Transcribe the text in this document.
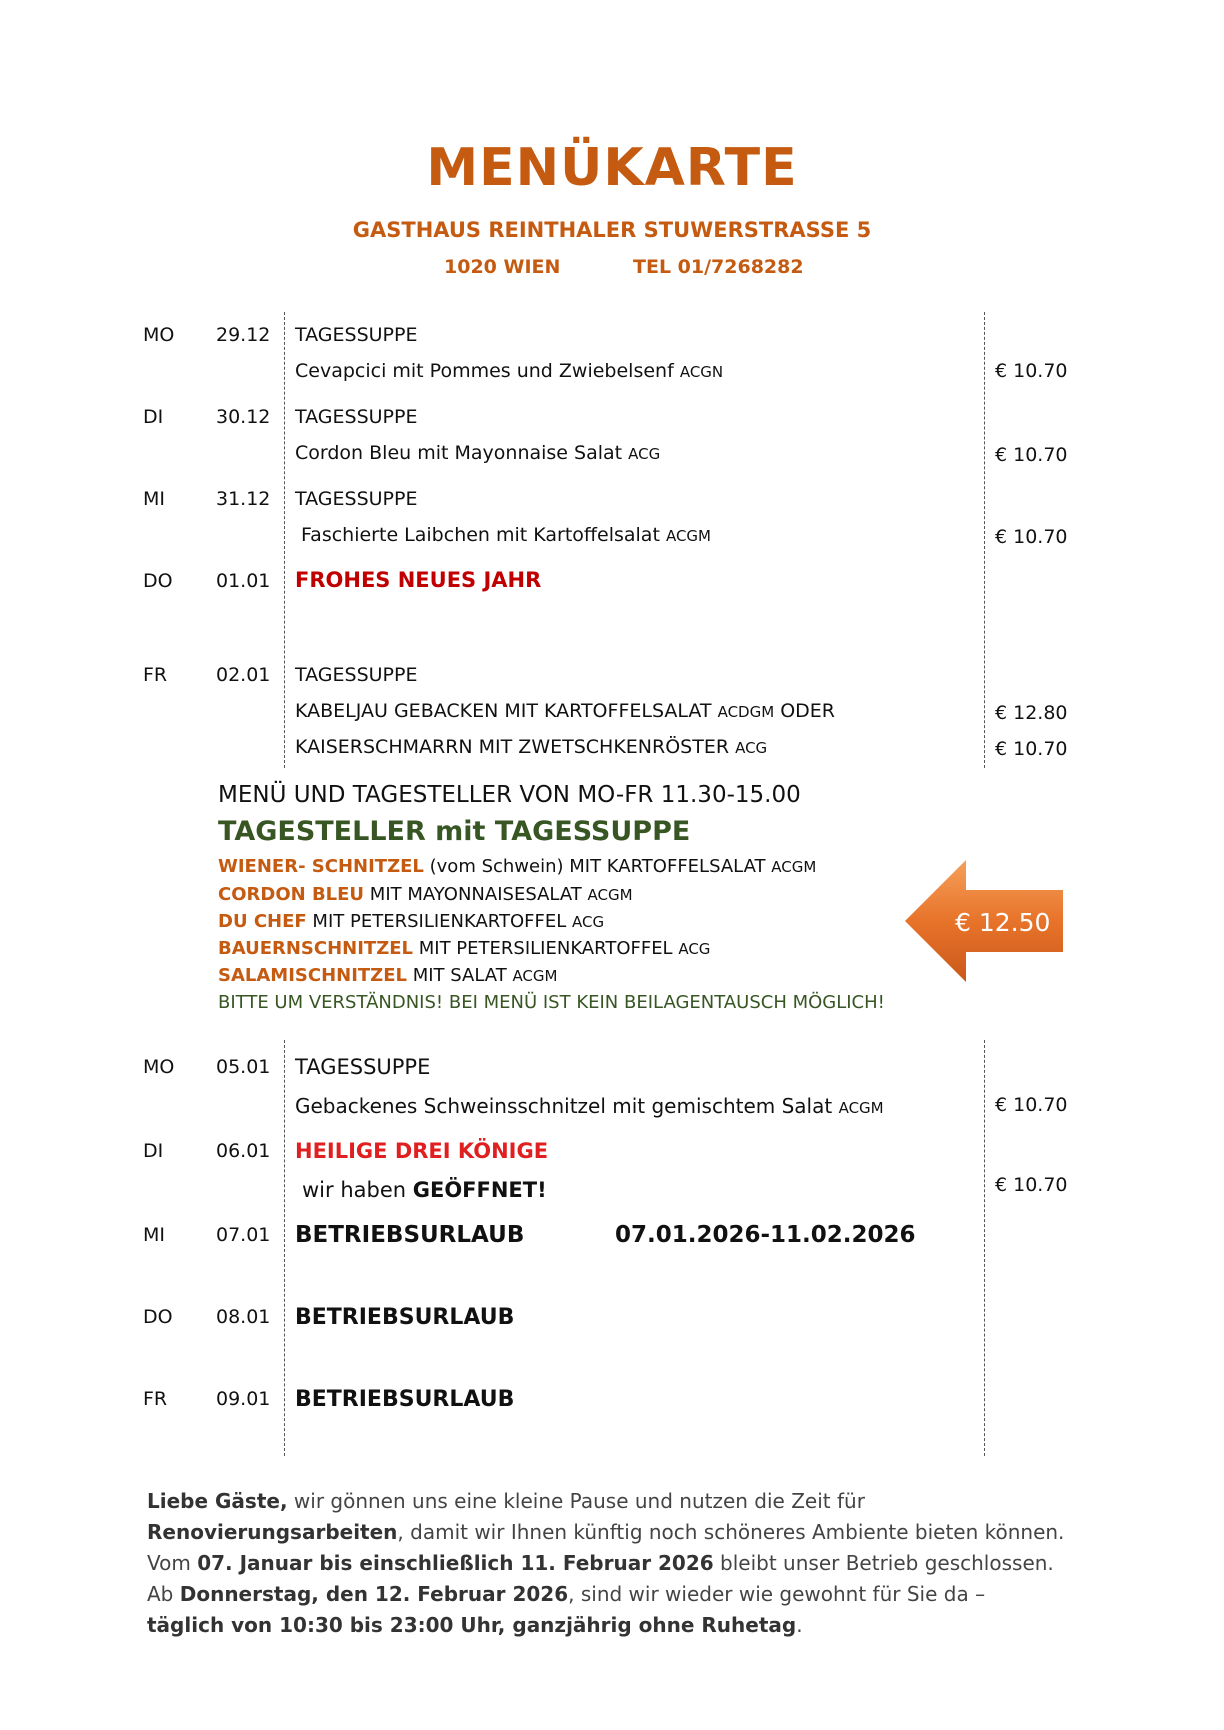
MENÜKARTE
GASTHAUS REINTHALER STUWERSTRASSE 5
1020 WIEN	TEL 01/7268282
MO 29.12 TAGESSUPPE
Cevapcici mit Pommes und Zwiebelsenf ACGN	€ 10.70
DI	30.12 TAGESSUPPE
Cordon Bleu mit Mayonnaise Salat ACG	€ 10.70
MI	31.12 TAGESSUPPE
Faschierte Laibchen mit Kartoffelsalat ACGM	€ 10.70
DO 01.01 FROHES NEUES JAHR
FR	02.01 TAGESSUPPE
KABELJAU GEBACKEN MIT KARTOFFELSALAT ACDGM ODER	€ 12.80
KAISERSCHMARRN MIT ZWETSCHKENRÖSTER ACG	€ 10.70
MENÜ UND TAGESTELLER VON MO-FR 11.30-15.00
TAGESTELLER mit TAGESSUPPE
WIENER- SCHNITZEL (vom Schwein) MIT KARTOFFELSALAT ACGM
CORDON BLEU MIT MAYONNAISESALAT ACGM
DU CHEF MIT PETERSILIENKARTOFFEL ACG
BAUERNSCHNITZEL MIT PETERSILIENKARTOFFEL ACG
SALAMISCHNITZEL MIT SALAT ACGM
BITTE UM VERSTÄNDNIS! BEI MENÜ IST KEIN BEILAGENTAUSCH MÖGLICH!
€ 12.50
MO 05.01 TAGESSUPPE
Gebackenes Schweinsschnitzel mit gemischtem Salat ACGM	€ 10.70
DI	06.01 HEILIGE DREI KÖNIGE
wir haben GEÖFFNET!	€ 10.70
MI	07.01 BETRIEBSURLAUB	07.01.2026-11.02.2026
DO 08.01 BETRIEBSURLAUB
FR	09.01 BETRIEBSURLAUB
Liebe Gäste, wir gönnen uns eine kleine Pause und nutzen die Zeit für Renovierungsarbeiten, damit wir Ihnen künftig noch schöneres Ambiente bieten können. Vom 07. Januar bis einschließlich 11. Februar 2026 bleibt unser Betrieb geschlossen. Ab Donnerstag, den 12. Februar 2026, sind wir wieder wie gewohnt für Sie da – täglich von 10:30 bis 23:00 Uhr, ganzjährig ohne Ruhetag.
